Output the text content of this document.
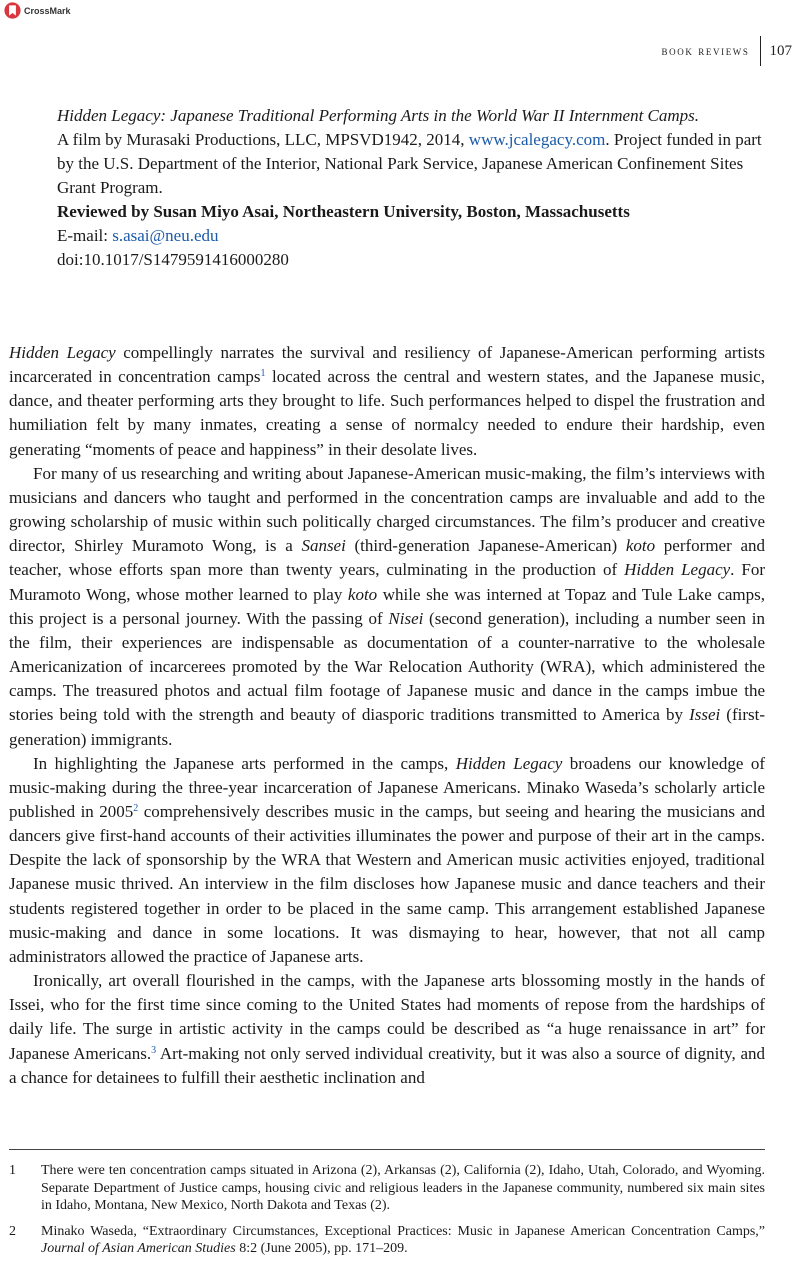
CrossMark
book reviews 107

Hidden Legacy: Japanese Traditional Performing Arts in the World War II Internment Camps.

A film by Murasaki Productions, LLC, MPSVD1942, 2014, www.jcalegacy.com. Project funded in part by the U.S. Department of the Interior, National Park Service, Japanese American Confinement Sites Grant Program.

Reviewed by Susan Miyo Asai, Northeastern University, Boston, Massachusetts

E-mail: s.asai@neu.edu

doi:10.1017/S1479591416000280

Hidden Legacy compellingly narrates the survival and resiliency of Japanese-American performing artists incarcerated in concentration camps$^1$ located across the central and western states, and the Japanese music, dance, and theater performing arts they brought to life. Such performances helped to dispel the frustration and humiliation felt by many inmates, creating a sense of normalcy needed to endure their hardship, even generating “moments of peace and happiness” in their desolate lives.

For many of us researching and writing about Japanese-American music-making, the film’s interviews with musicians and dancers who taught and performed in the concentration camps are invaluable and add to the growing scholarship of music within such politically charged circumstances. The film’s producer and creative director, Shirley Muramoto Wong, is a Sansei (third-generation Japanese-American) koto performer and teacher, whose efforts span more than twenty years, culminating in the production of Hidden Legacy. For Muramoto Wong, whose mother learned to play koto while she was interned at Topaz and Tule Lake camps, this project is a personal journey. With the passing of Nisei (second generation), including a number seen in the film, their experiences are indispensable as documentation of a counter-narrative to the wholesale Americanization of incarcerees promoted by the War Relocation Authority (WRA), which administered the camps. The treasured photos and actual film footage of Japanese music and dance in the camps imbue the stories being told with the strength and beauty of diasporic traditions transmitted to America by Issei (first-generation) immigrants.

In highlighting the Japanese arts performed in the camps, Hidden Legacy broadens our knowledge of music-making during the three-year incarceration of Japanese Americans. Minako Waseda’s scholarly article published in 2005$^2$ comprehensively describes music in the camps, but seeing and hearing the musicians and dancers give first-hand accounts of their activities illuminates the power and purpose of their art in the camps. Despite the lack of sponsorship by the WRA that Western and American music activities enjoyed, traditional Japanese music thrived. An interview in the film discloses how Japanese music and dance teachers and their students registered together in order to be placed in the same camp. This arrangement established Japanese music-making and dance in some locations. It was dismaying to hear, however, that not all camp administrators allowed the practice of Japanese arts.

Ironically, art overall flourished in the camps, with the Japanese arts blossoming mostly in the hands of Issei, who for the first time since coming to the United States had moments of repose from the hardships of daily life. The surge in artistic activity in the camps could be described as “a huge renaissance in art” for Japanese Americans.$^3$ Art-making not only served individual creativity, but it was also a source of dignity, and a chance for detainees to fulfill their aesthetic inclination and

1	There were ten concentration camps situated in Arizona (2), Arkansas (2), California (2), Idaho, Utah, Colorado, and Wyoming. Separate Department of Justice camps, housing civic and religious leaders in the Japanese community, numbered six main sites in Idaho, Montana, New Mexico, North Dakota and Texas (2).
2	Minako Waseda, “Extraordinary Circumstances, Exceptional Practices: Music in Japanese American Concentration Camps,” Journal of Asian American Studies 8:2 (June 2005), pp. 171–209.
